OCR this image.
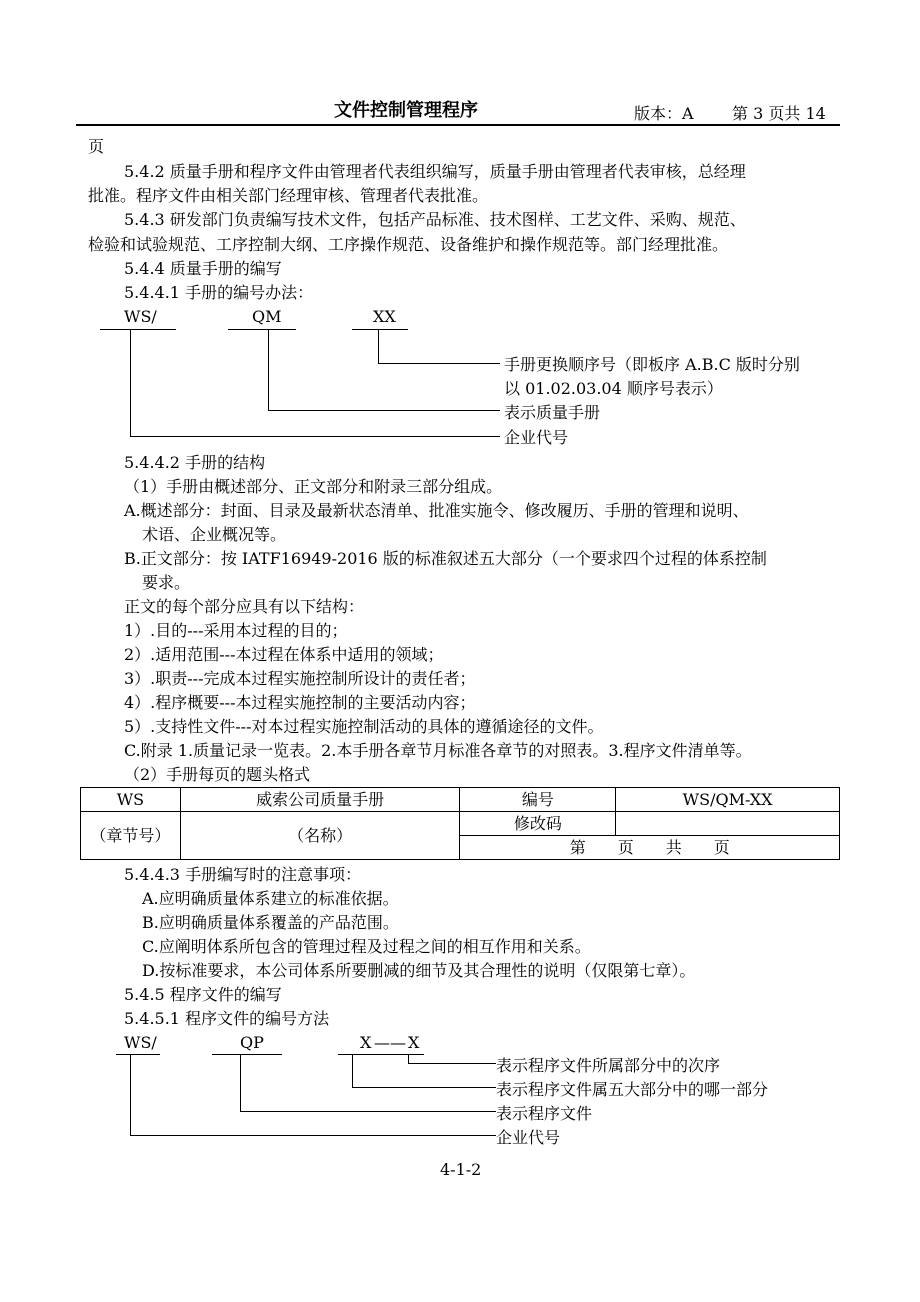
文件控制管理程序	版本：A 第 3 页共 14
页
5.4.2 质量手册和程序文件由管理者代表组织编写，质量手册由管理者代表审核，总经理
批准。程序文件由相关部门经理审核、管理者代表批准。
5.4.3 研发部门负责编写技术文件，包括产品标准、技术图样、工艺文件、采购、规范、
检验和试验规范、工序控制大纲、工序操作规范、设备维护和操作规范等。部门经理批准。
5.4.4 质量手册的编写
5.4.4.1 手册的编号办法：
WS/	QM	XX
手册更换顺序号（即板序 A.B.C 版时分别
以 01.02.03.04 顺序号表示）
表示质量手册
企业代号
5.4.4.2 手册的结构
（1）手册由概述部分、正文部分和附录三部分组成。
A.概述部分：封面、目录及最新状态清单、批准实施令、修改履历、手册的管理和说明、
术语、企业概况等。
B.正文部分：按 IATF16949-2016 版的标准叙述五大部分（一个要求四个过程的体系控制
要求。
正文的每个部分应具有以下结构：
1）.目的---采用本过程的目的；
2）.适用范围---本过程在体系中适用的领域；
3）.职责---完成本过程实施控制所设计的责任者；
4）.程序概要---本过程实施控制的主要活动内容；
5）.支持性文件---对本过程实施控制活动的具体的遵循途径的文件。
C.附录 1.质量记录一览表。2.本手册各章节月标准各章节的对照表。3.程序文件清单等。
（2）手册每页的题头格式
WS	威索公司质量手册	编号	WS/QM-XX
（章节号）	（名称）	修改码	
		第　　页　　共　　页	
5.4.4.3 手册编写时的注意事项：
A.应明确质量体系建立的标准依据。
B.应明确质量体系覆盖的产品范围。
C.应阐明体系所包含的管理过程及过程之间的相互作用和关系。
D.按标准要求，本公司体系所要删减的细节及其合理性的说明（仅限第七章）。
5.4.5 程序文件的编写
5.4.5.1 程序文件的编号方法
WS/	QP	X —— X
表示程序文件所属部分中的次序
表示程序文件属五大部分中的哪一部分
表示程序文件
企业代号
4-1-2
